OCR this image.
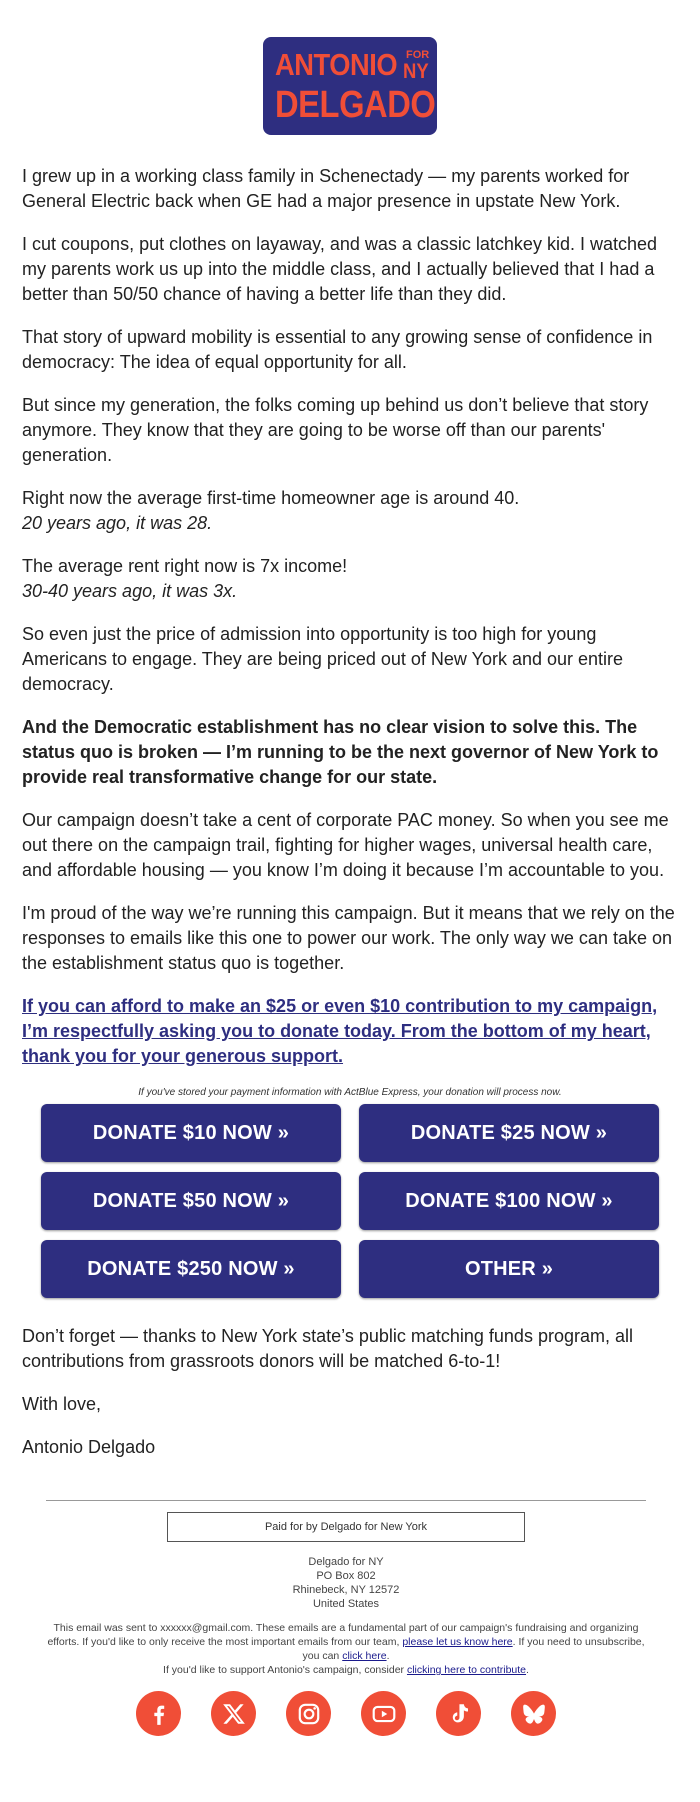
ANTONIO FOR
NY
DELGADO

I grew up in a working class family in Schenectady — my parents worked for General Electric back when GE had a major presence in upstate New York.

I cut coupons, put clothes on layaway, and was a classic latchkey kid. I watched my parents work us up into the middle class, and I actually believed that I had a better than 50/50 chance of having a better life than they did.

That story of upward mobility is essential to any growing sense of confidence in democracy: The idea of equal opportunity for all.

But since my generation, the folks coming up behind us don’t believe that story anymore. They know that they are going to be worse off than our parents' generation.

Right now the average first-time homeowner age is around 40.
20 years ago, it was 28.

The average rent right now is 7x income!
30-40 years ago, it was 3x.

So even just the price of admission into opportunity is too high for young Americans to engage. They are being priced out of New York and our entire democracy.

And the Democratic establishment has no clear vision to solve this. The status quo is broken — I’m running to be the next governor of New York to provide real transformative change for our state.

Our campaign doesn’t take a cent of corporate PAC money. So when you see me out there on the campaign trail, fighting for higher wages, universal health care, and affordable housing — you know I’m doing it because I’m accountable to you.

I'm proud of the way we’re running this campaign. But it means that we rely on the responses to emails like this one to power our work. The only way we can take on the establishment status quo is together.

If you can afford to make an $25 or even $10 contribution to my campaign, I’m respectfully asking you to donate today. From the bottom of my heart, thank you for your generous support.

If you've stored your payment information with ActBlue Express, your donation will process now.
DONATE $10 NOW »	DONATE $25 NOW »
DONATE $50 NOW »	DONATE $100 NOW »
DONATE $250 NOW »	OTHER »

Don’t forget — thanks to New York state’s public matching funds program, all contributions from grassroots donors will be matched 6-to-1!

With love,

Antonio Delgado

Paid for by Delgado for New York
Delgado for NY
PO Box 802
Rhinebeck, NY 12572
United States
This email was sent to xxxxxx@gmail.com. These emails are a fundamental part of our campaign's fundraising and organizing efforts. If you'd like to only receive the most important emails from our team, please let us know here. If you need to unsubscribe, you can click here.
If you'd like to support Antonio's campaign, consider clicking here to contribute.
